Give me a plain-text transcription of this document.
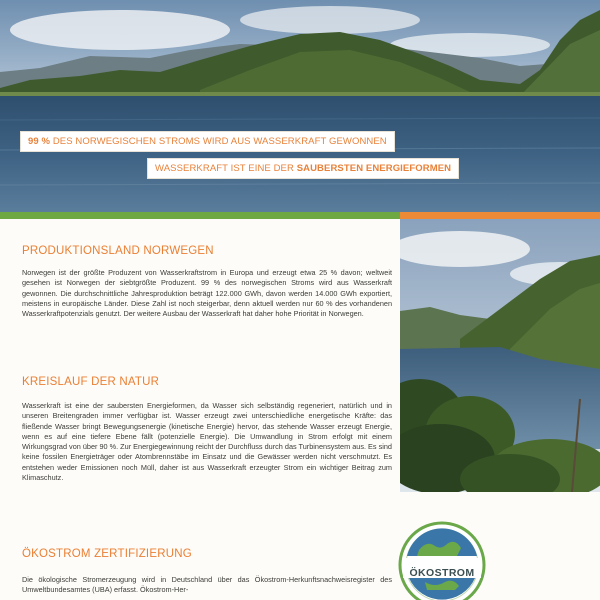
99 % DES NORWEGISCHEN STROMS WIRD AUS WASSERKRAFT GEWONNEN
WASSERKRAFT IST EINE DER SAUBERSTEN ENERGIEFORMEN
PRODUKTIONSLAND NORWEGEN

Norwegen ist der größte Produzent von Wasserkraftstrom in Europa und erzeugt etwa 25 % davon; weltweit gesehen ist Norwegen der siebtgrößte Produzent. 99 % des norwegischen Stroms wird aus Wasserkraft gewonnen. Die durchschnittliche Jahresproduktion beträgt 122.000 GWh, davon werden 14.000 GWh exportiert, meistens in europäische Länder. Diese Zahl ist noch steigerbar, denn aktuell werden nur 60 % des vorhandenen Wasserkraftpotenzials genutzt. Der weitere Ausbau der Wasserkraft hat daher hohe Priorität in Norwegen.

KREISLAUF DER NATUR

Wasserkraft ist eine der saubersten Energieformen, da Wasser sich selbständig regeneriert, natürlich und in unseren Breitengraden immer verfügbar ist. Wasser erzeugt zwei unterschiedliche energetische Kräfte: das fließende Wasser bringt Bewegungsenergie (kinetische Energie) hervor, das stehende Wasser erzeugt Energie, wenn es auf eine tiefere Ebene fällt (potenzielle Energie). Die Umwandlung in Strom erfolgt mit einem Wirkungsgrad von über 90 %. Zur Energiegewinnung reicht der Durchfluss durch das Turbinensystem aus. Es sind keine fossilen Energieträger oder Atombrennstäbe im Einsatz und die Gewässer werden nicht verschmutzt. Es entstehen weder Emissionen noch Müll, daher ist aus Wasserkraft erzeugter Strom ein wichtiger Beitrag zum Klimaschutz.

ÖKOSTROM ZERTIFIZIERUNG

Die ökologische Stromerzeugung wird in Deutschland über das Ökostrom-Herkunftsnachweisregister des Umweltbundesamtes (UBA) erfasst. Ökostrom-Her-

ÖKOSTROM
